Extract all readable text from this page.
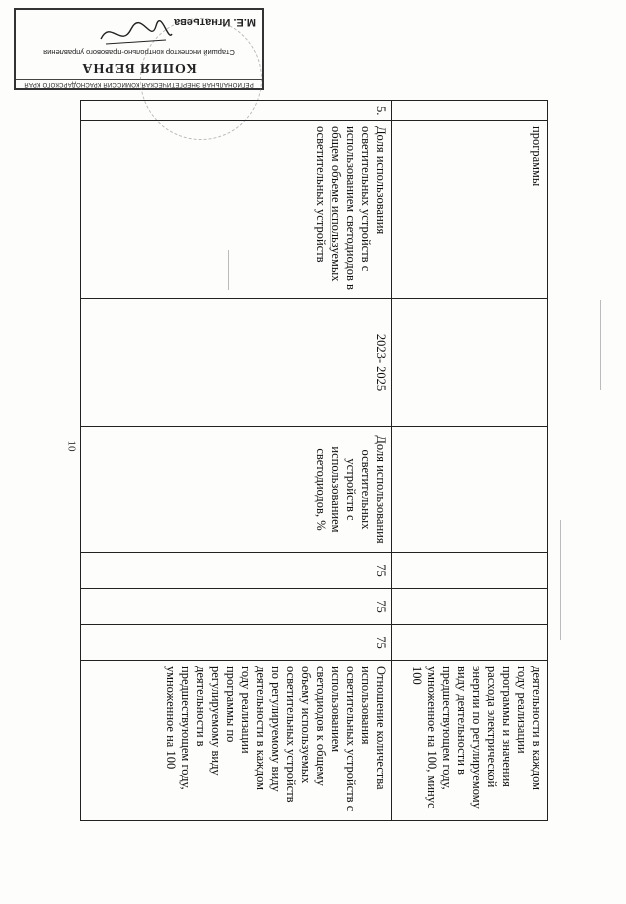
10
РЕГИОНАЛЬНАЯ ЭНЕРГЕТИЧЕСКАЯ КОМИССИЯ КРАСНОДАРСКОГО КРАЯ
КОПИЯ ВЕРНА
Старший инспектор контрольно-правового управления
М.Е. Игнатьева
	программы						деятельности в каждом году реализации программы и значения расхода электрической энергии по регулируемому виду деятельности в предшествующем году, умноженное на 100, минус 100
5.	Доля использования осветительных устройств с использованием светодиодов в общем объеме используемых осветительных устройств	2023- 2025	Доля использования осветительных устройств с использованием светодиодов, %	75	75	75	Отношение количества использования осветительных устройств с использованием светодиодов к общему объему используемых осветительных устройств по регулируемому виду деятельности в каждом году реализации программы по регулируемому виду деятельности в предшествующем году, умноженное на 100
